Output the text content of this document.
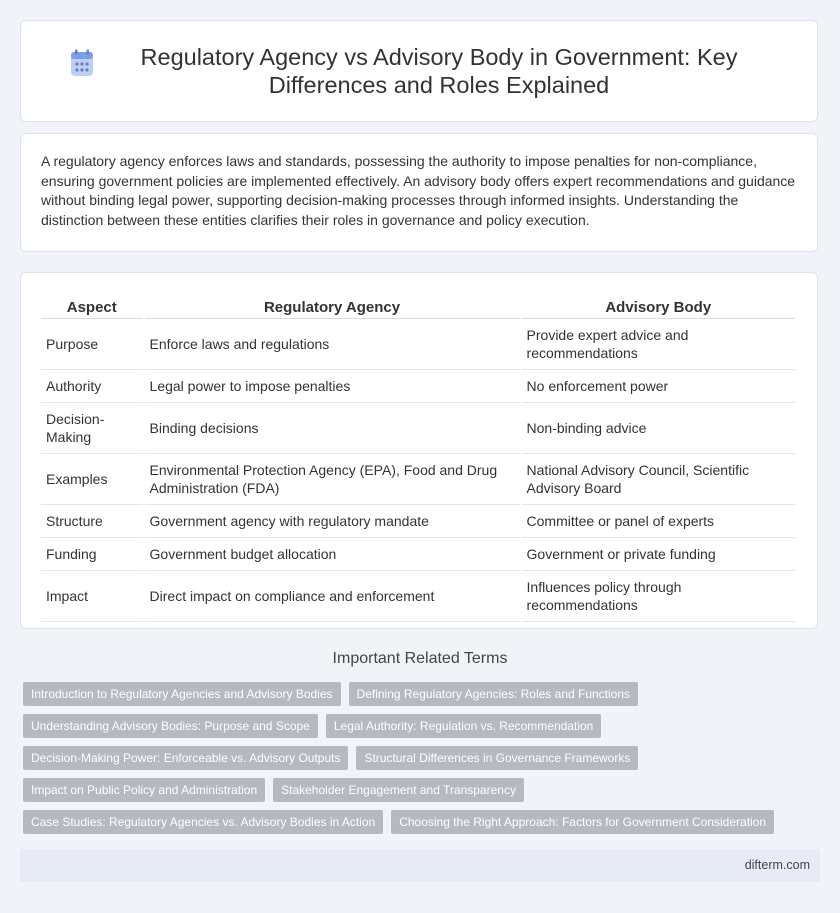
Regulatory Agency vs Advisory Body in Government: Key Differences and Roles Explained

A regulatory agency enforces laws and standards, possessing the authority to impose penalties for non-compliance, ensuring government policies are implemented effectively. An advisory body offers expert recommendations and guidance without binding legal power, supporting decision-making processes through informed insights. Understanding the distinction between these entities clarifies their roles in governance and policy execution.

Aspect	Regulatory Agency	Advisory Body
Purpose	Enforce laws and regulations	Provide expert advice and recommendations
Authority	Legal power to impose penalties	No enforcement power
Decision-Making	Binding decisions	Non-binding advice
Examples	Environmental Protection Agency (EPA), Food and Drug Administration (FDA)	National Advisory Council, Scientific Advisory Board
Structure	Government agency with regulatory mandate	Committee or panel of experts
Funding	Government budget allocation	Government or private funding
Impact	Direct impact on compliance and enforcement	Influences policy through recommendations
Important Related Terms
Introduction to Regulatory Agencies and Advisory Bodies	Defining Regulatory Agencies: Roles and Functions
Understanding Advisory Bodies: Purpose and Scope	Legal Authority: Regulation vs. Recommendation
Decision-Making Power: Enforceable vs. Advisory Outputs	Structural Differences in Governance Frameworks
Impact on Public Policy and Administration	Stakeholder Engagement and Transparency
Case Studies: Regulatory Agencies vs. Advisory Bodies in Action	Choosing the Right Approach: Factors for Government Consideration
difterm.com
